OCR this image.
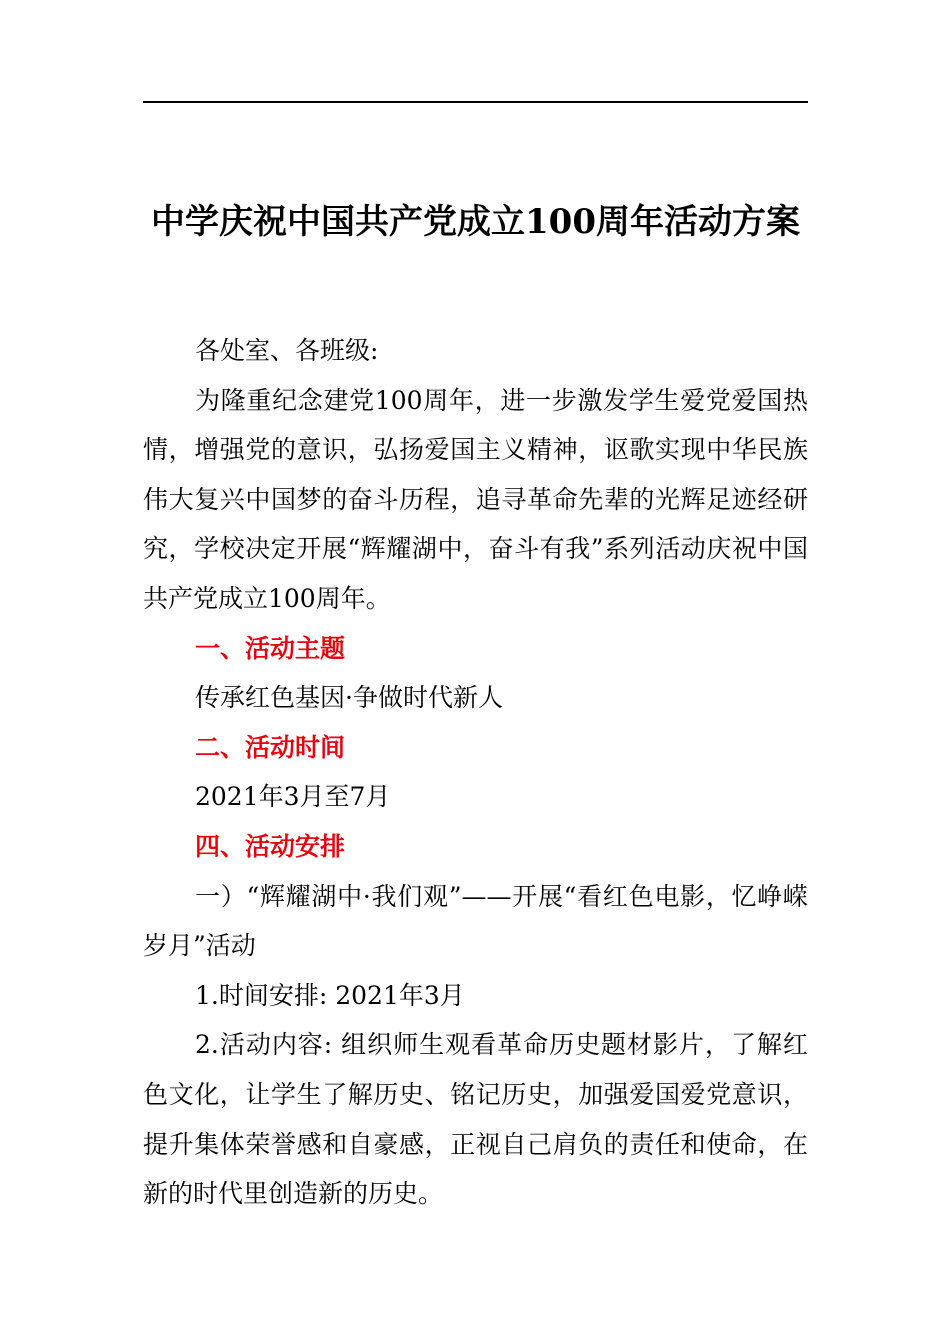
中学庆祝中国共产党成立100周年活动方案

各处室、各班级:

为隆重纪念建党100周年，进一步激发学生爱党爱国热情，增强党的意识，弘扬爱国主义精神，讴歌实现中华民族伟大复兴中国梦的奋斗历程，追寻革命先辈的光辉足迹经研究，学校决定开展“辉耀湖中，奋斗有我”系列活动庆祝中国共产党成立100周年。

一、活动主题

传承红色基因·争做时代新人

二、活动时间

2021年3月至7月

四、活动安排

一）“辉耀湖中·我们观”——开展“看红色电影，忆峥嵘岁月”活动

1.时间安排: 2021年3月

2.活动内容: 组织师生观看革命历史题材影片，了解红色文化，让学生了解历史、铭记历史，加强爱国爱党意识，提升集体荣誉感和自豪感，正视自己肩负的责任和使命，在新的时代里创造新的历史。
